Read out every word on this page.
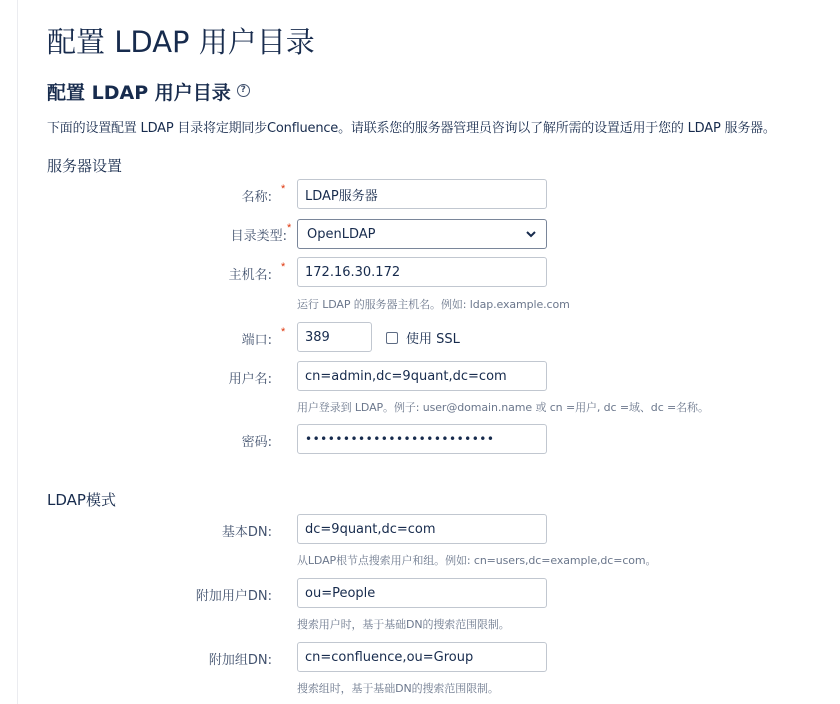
配置 LDAP 用户目录
配置 LDAP 用户目录	?
下面的设置配置 LDAP 目录将定期同步Confluence。请联系您的服务器管理员咨询以了解所需的设置适用于您的 LDAP 服务器。
服务器设置
名称:
* LDAP服务器
目录类型:
* OpenLDAP
主机名:
* 172.16.30.172
运行 LDAP 的服务器主机名。例如: ldap.example.com
端口:
* 389	使用 SSL
用户名:	cn=admin,dc=9quant,dc=com
用户登录到 LDAP。例子: user@domain.name 或 cn =用户, dc =域、dc =名称。
密码:	•••••••••••••••••••••••••
LDAP模式
基本DN:	dc=9quant,dc=com
从LDAP根节点搜索用户和组。例如: cn=users,dc=example,dc=com。
附加用户DN:	ou=People
搜索用户时，基于基础DN的搜索范围限制。
附加组DN:	cn=confluence,ou=Group
搜索组时，基于基础DN的搜索范围限制。
